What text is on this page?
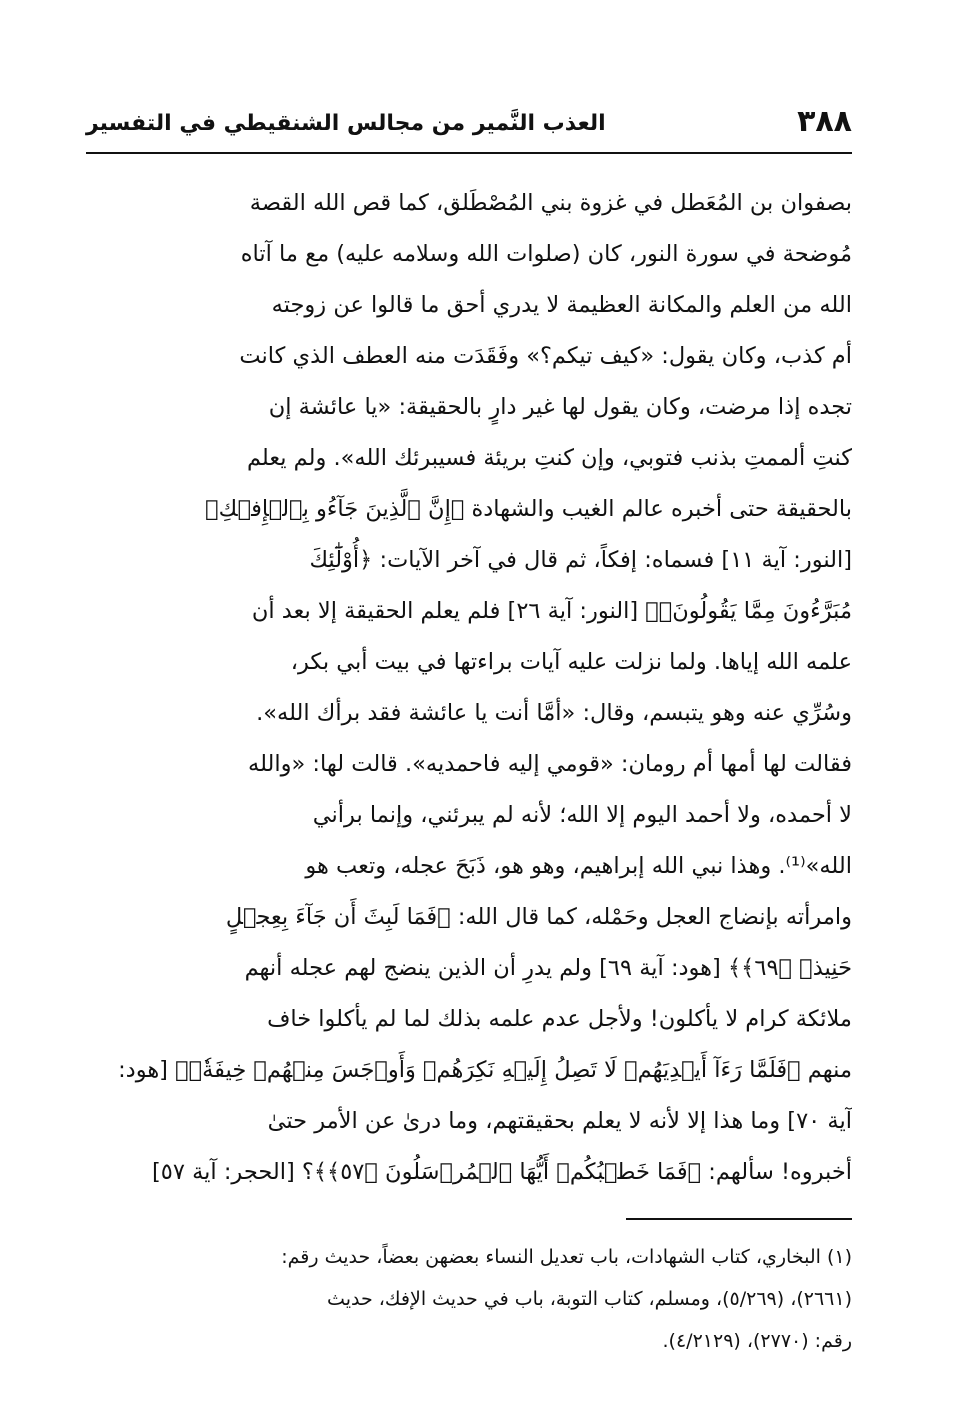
٣٨٨
العذب النَّمير من مجالس الشنقيطي في التفسير
بصفوان بن المُعَطل في غزوة بني المُصْطَلق، كما قص الله القصة
مُوضحة في سورة النور، كان (صلوات الله وسلامه عليه) مع ما آتاه
الله من العلم والمكانة العظيمة لا يدري أحق ما قالوا عن زوجته
أم كذب، وكان يقول: «كيف تيكم؟» وفَقَدَت منه العطف الذي كانت
تجده إذا مرضت، وكان يقول لها غير دارٍ بالحقيقة: «يا عائشة إن
كنتِ ألممتِ بذنب فتوبي، وإن كنتِ بريئة فسيبرئك الله». ولم يعلم
بالحقيقة حتى أخبره عالم الغيب والشهادة ﴿إِنَّ ٱلَّذِينَ جَآءُو بِٱلۡإِفۡكِ﴾
[النور: آية ١١] فسماه: إفكاً، ثم قال في آخر الآيات: ﴿أُوْلَٰٓئِكَ
مُبَرَّءُونَ مِمَّا يَقُولُونَۖ﴾ [النور: آية ٢٦] فلم يعلم الحقيقة إلا بعد أن
علمه الله إياها. ولما نزلت عليه آيات براءتها في بيت أبي بكر،
وسُرِّي عنه وهو يتبسم، وقال: «أمَّا أنت يا عائشة فقد برأك الله».
فقالت لها أمها أم رومان: «قومي إليه فاحمديه». قالت لها: «والله
لا أحمده، ولا أحمد اليوم إلا الله؛ لأنه لم يبرئني، وإنما برأني
الله»⁽¹⁾. وهذا نبي الله إبراهيم، وهو هو، ذَبَحَ عجله، وتعب هو
وامرأته بإنضاج العجل وحَمْله، كما قال الله: ﴿فَمَا لَبِثَ أَن جَآءَ بِعِجۡلٍ
حَنِيذٖ ﴿٦٩﴾﴾ [هود: آية ٦٩] ولم يدرِ أن الذين ينضج لهم عجله أنهم
ملائكة كرام لا يأكلون! ولأجل عدم علمه بذلك لما لم يأكلوا خاف
منهم ﴿فَلَمَّا رَءَآ أَيۡدِيَهُمۡ لَا تَصِلُ إِلَيۡهِ نَكِرَهُمۡ وَأَوۡجَسَ مِنۡهُمۡ خِيفَةٗۚ﴾ [هود:
آية ٧٠] وما هذا إلا لأنه لا يعلم بحقيقتهم، وما درىٰ عن الأمر حتىٰ
أخبروه! سألهم: ﴿فَمَا خَطۡبُكُمۡ أَيُّهَا ٱلۡمُرۡسَلُونَ ﴿٥٧﴾﴾؟ [الحجر: آية ٥٧]
(١) البخاري، كتاب الشهادات، باب تعديل النساء بعضهن بعضاً، حديث رقم:
(٢٦٦١)، (٥/٢٦٩)، ومسلم، كتاب التوبة، باب في حديث الإفك، حديث
رقم: (٢٧٧٠)، (٤/٢١٢٩).
